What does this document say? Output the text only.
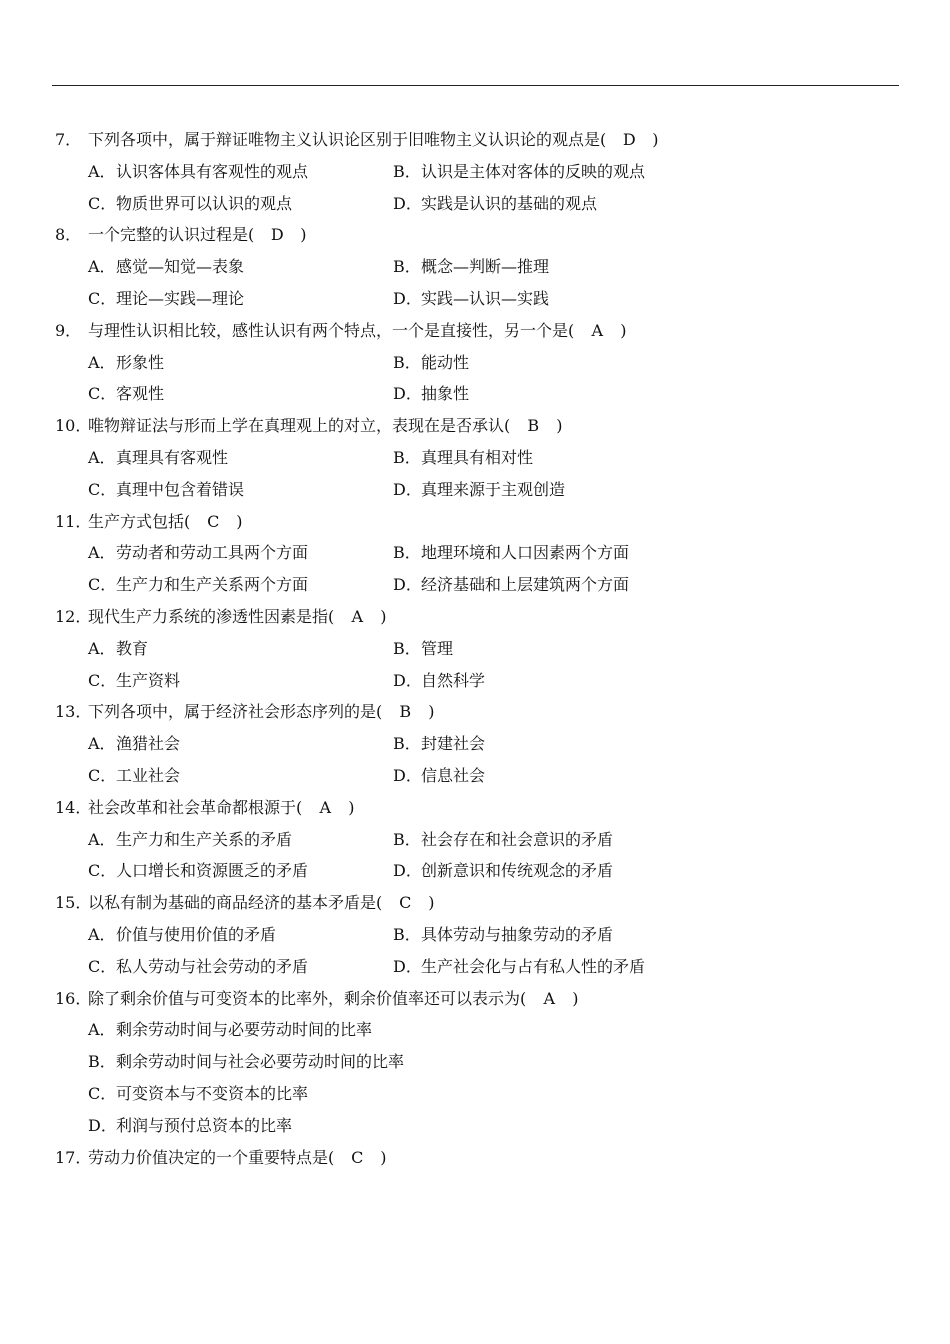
7． 下列各项中，属于辩证唯物主义认识论区别于旧唯物主义认识论的观点是( D )
A．认识客体具有客观性的观点	B．认识是主体对客体的反映的观点
C．物质世界可以认识的观点	D．实践是认识的基础的观点
8． 一个完整的认识过程是( D )
A．感觉—知觉—表象	B．概念—判断—推理
C．理论—实践—理论	D．实践—认识—实践
9． 与理性认识相比较，感性认识有两个特点，一个是直接性，另一个是( A )
A．形象性	B．能动性
C．客观性	D．抽象性
10．唯物辩证法与形而上学在真理观上的对立，表现在是否承认( B )
A．真理具有客观性	B．真理具有相对性
C．真理中包含着错误	D．真理来源于主观创造
11．生产方式包括( C )
A．劳动者和劳动工具两个方面	B．地理环境和人口因素两个方面
C．生产力和生产关系两个方面	D．经济基础和上层建筑两个方面
12．现代生产力系统的渗透性因素是指( A )
A．教育	B．管理
C．生产资料	D．自然科学
13．下列各项中，属于经济社会形态序列的是( B )
A．渔猎社会	B．封建社会
C．工业社会	D．信息社会
14．社会改革和社会革命都根源于( A )
A．生产力和生产关系的矛盾	B．社会存在和社会意识的矛盾
C．人口增长和资源匮乏的矛盾	D．创新意识和传统观念的矛盾
15．以私有制为基础的商品经济的基本矛盾是( C )
A．价值与使用价值的矛盾	B．具体劳动与抽象劳动的矛盾
C．私人劳动与社会劳动的矛盾	D．生产社会化与占有私人性的矛盾
16．除了剩余价值与可变资本的比率外，剩余价值率还可以表示为( A )
A．剩余劳动时间与必要劳动时间的比率
B．剩余劳动时间与社会必要劳动时间的比率
C．可变资本与不变资本的比率
D．利润与预付总资本的比率
17．劳动力价值决定的一个重要特点是( C )
